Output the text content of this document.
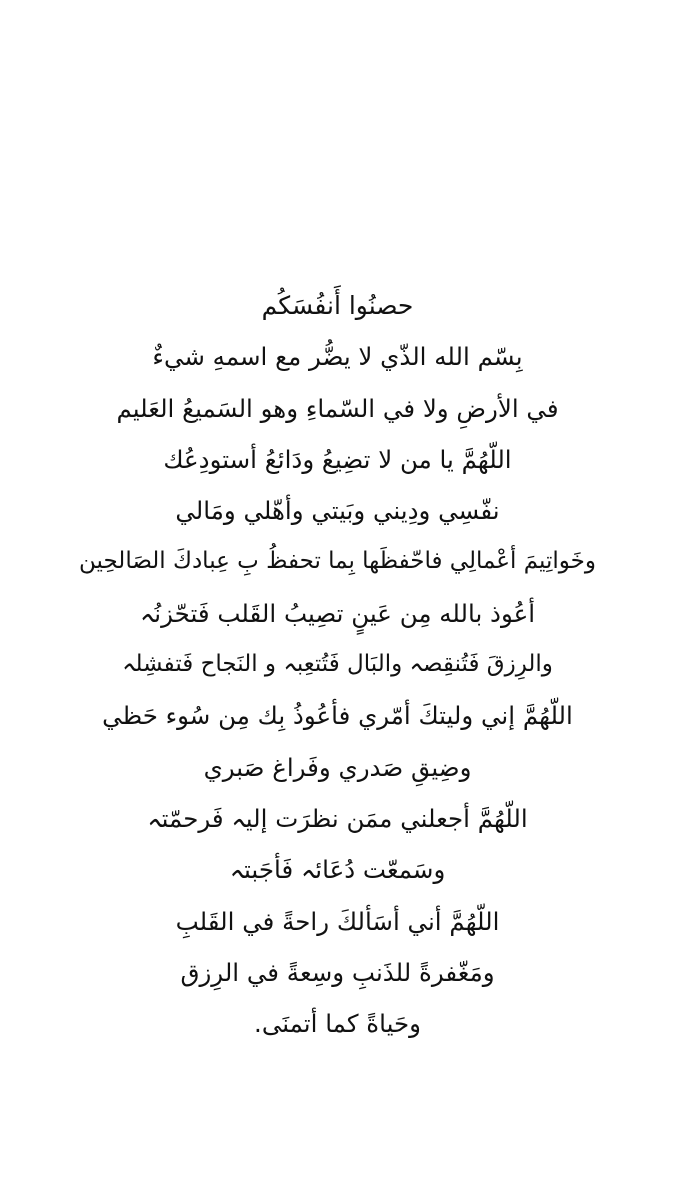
حصنُوا أَنفُسَكُم
بِسّم الله الذّي لا يضُّر مع اسمهِ شيءٌ
في الأرضِ ولا في السّماءِ وهو السَميعُ العَليم
اللّهُمَّ يا من لا تضِيعُ ودَائعُ أستودِعُك
نفّسِي ودِيني وبَيتي وأهّلي ومَالي
وخَواتِيمَ أعْمالِي فاحّفظَها بِما تحفظُ بِ عِبادكَ الصَالحِين
أعُوذ بالله مِن عَينٍ تصِيبُ القَلب فَتحّزنُہ
والرِزقَ فَتُنقِصہ والبَال فَتُتعِبہ و النَجاح فَتفشِلہ
اللّهُمَّ إني وليتكَ أمّري فأعُوذُ بِك مِن سُوء حَظي
وضِيقِ صَدري وفَراغ صَبري
اللّهُمَّ أجعلني ممَن نظرَت إليہ فَرحمّتہ
وسَمعّت دُعَائہ فَأجَبتہ
اللّهُمَّ أني أسَألكَ راحةً في القَلبِ
ومَغّفرةً للذَنبِ وسِعةً في الرِزق
وحَياةً كما أتمنَى.
